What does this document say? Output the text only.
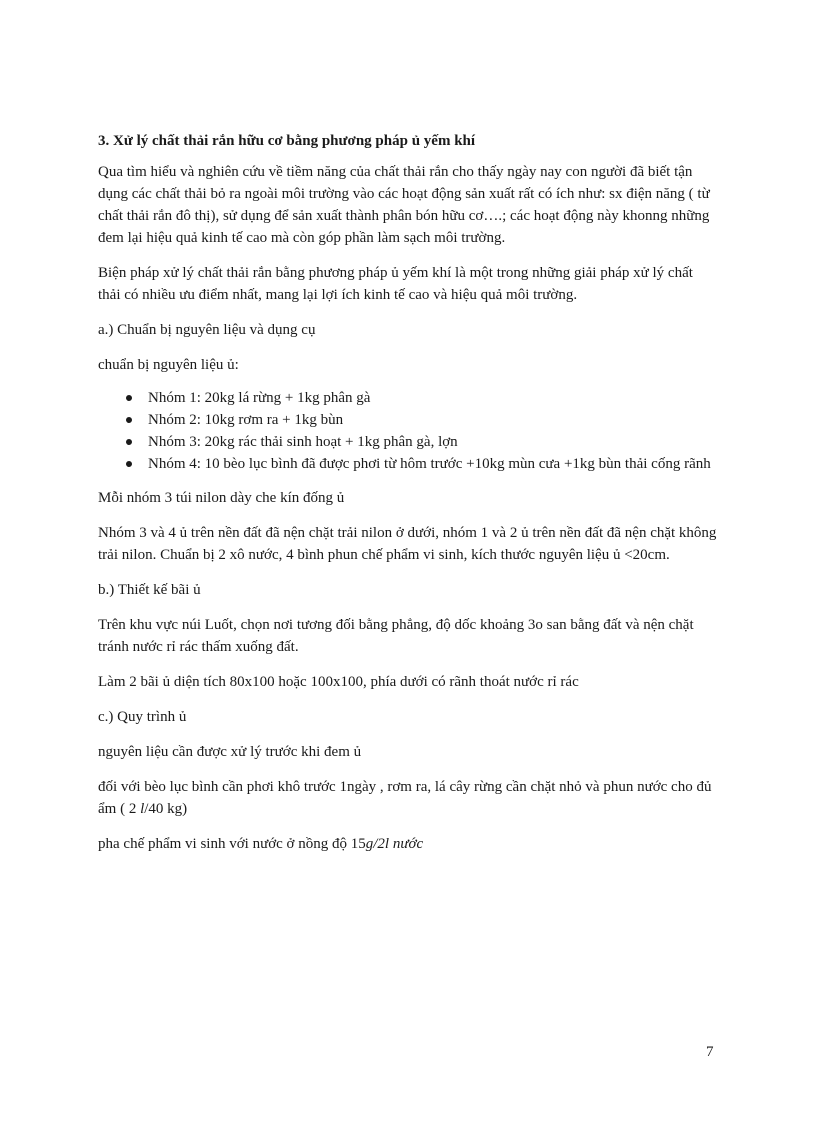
3. Xử lý chất thải rắn hữu cơ bằng phương pháp ủ yếm khí

Qua tìm hiểu và nghiên cứu về tiềm năng của chất thải rắn cho thấy ngày nay con người đã biết tận dụng các chất thải bỏ ra ngoài môi trường vào các hoạt động sản xuất rất có ích như: sx điện năng ( từ chất thải rắn đô thị), sử dụng để sản xuất thành phân bón hữu cơ….; các hoạt động này khonng những đem lại hiệu quả kinh tế cao mà còn góp phần làm sạch môi trường.

Biện pháp xử lý chất thải rắn bằng phương pháp ủ yếm khí là một trong những giải pháp xử lý chất thải có nhiều ưu điểm nhất, mang lại lợi ích kinh tế cao và hiệu quả môi trường.

a.) Chuẩn bị nguyên liệu và dụng cụ

chuẩn bị nguyên liệu ủ:

Nhóm 1: 20kg lá rừng + 1kg phân gà
Nhóm 2: 10kg rơm ra + 1kg bùn
Nhóm 3: 20kg rác thải sinh hoạt + 1kg phân gà, lợn
Nhóm 4: 10 bèo lục bình đã được phơi từ hôm trước +10kg mùn cưa +1kg bùn thải cống rãnh

Mỗi nhóm 3 túi nilon dày che kín đống ủ

Nhóm 3 và 4 ủ trên nền đất đã nện chặt trải nilon ở dưới, nhóm 1 và 2 ủ trên nền đất đã nện chặt không trải nilon. Chuẩn bị 2 xô nước, 4 bình phun chế phẩm vi sinh, kích thước nguyên liệu ủ <20cm.

b.) Thiết kế bãi ủ

Trên khu vực núi Luốt, chọn nơi tương đối bằng phẳng, độ dốc khoảng 3o san bằng đất và nện chặt tránh nước rỉ rác thấm xuống đất.

Làm 2 bãi ủ diện tích 80x100 hoặc 100x100, phía dưới có rãnh thoát nước rỉ rác

c.) Quy trình ủ

nguyên liệu cần được xử lý trước khi đem ủ

đối với bèo lục bình cần phơi khô trước 1ngày , rơm ra, lá cây rừng cần chặt nhỏ và phun nước cho đủ ẩm ( 2 l/40 kg)

pha chế phẩm vi sinh với nước ở nồng độ 15g/2l nước

7
